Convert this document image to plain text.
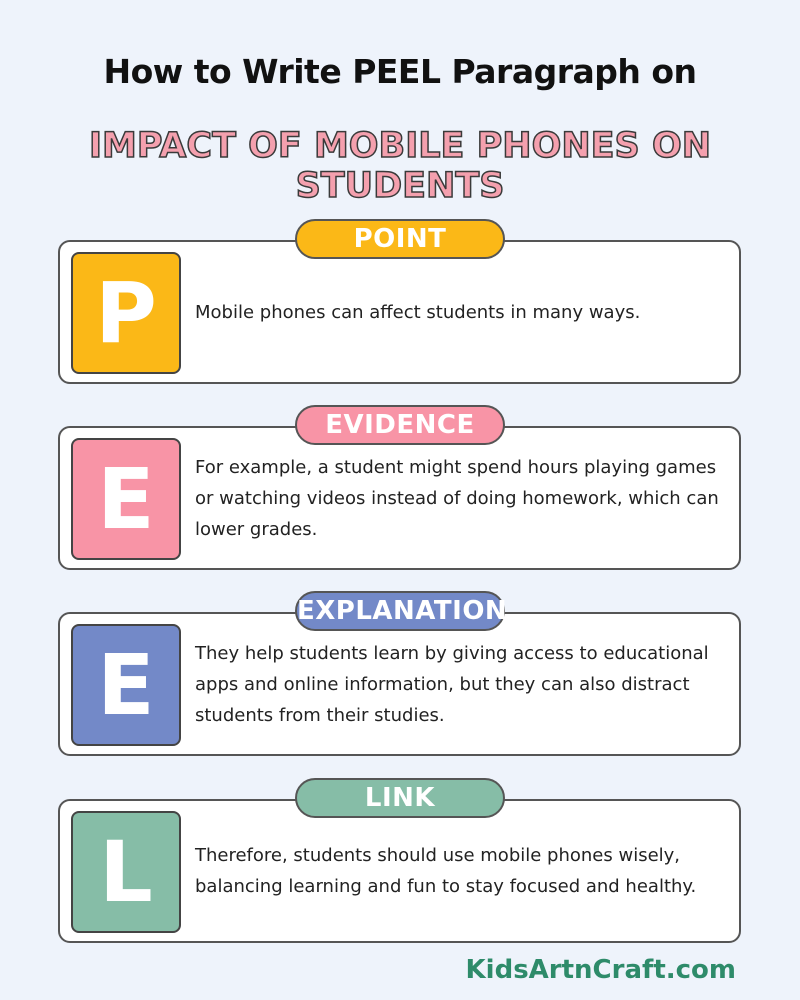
How to Write PEEL Paragraph on
IMPACT OF MOBILE PHONES ON STUDENTS
P	Mobile phones can affect students in many ways.
POINT
E	For example, a student might spend hours playing games or watching videos instead of doing homework, which can lower grades.
EVIDENCE
E	They help students learn by giving access to educational apps and online information, but they can also distract students from their studies.
EXPLANATION
L	Therefore, students should use mobile phones wisely, balancing learning and fun to stay focused and healthy.
LINK
KidsArtnCraft.com
